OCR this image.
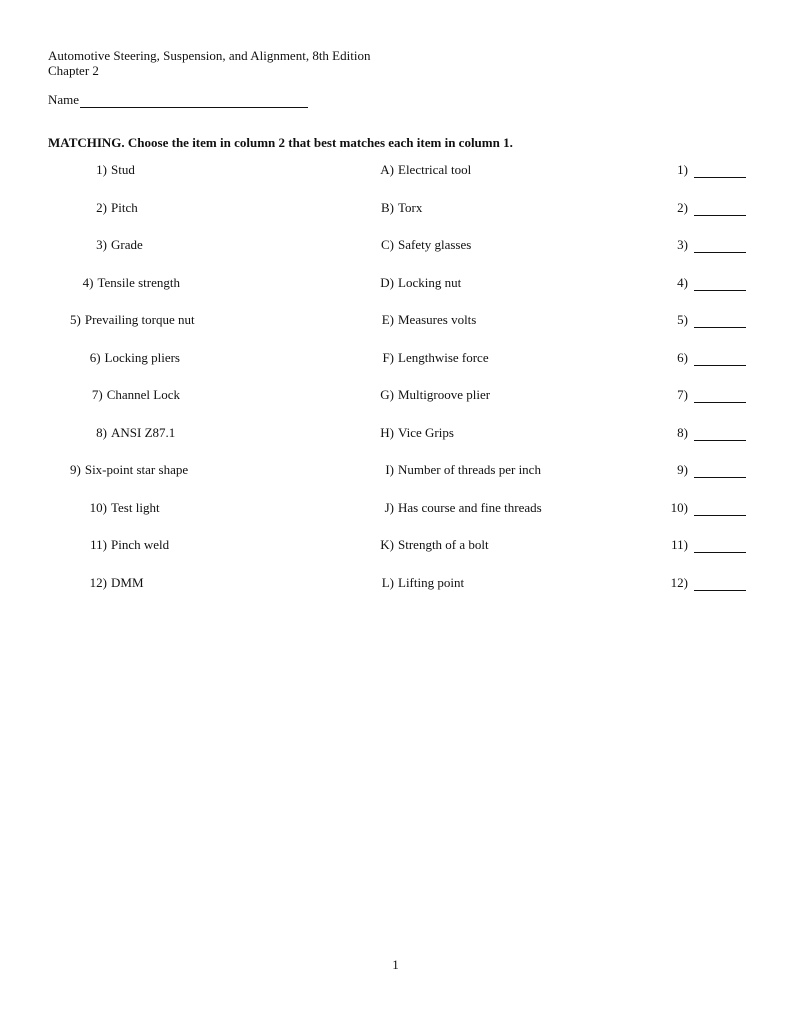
Automotive Steering, Suspension, and Alignment, 8th Edition
Chapter 2
Name
MATCHING. Choose the item in column 2 that best matches each item in column 1.
1) Stud	A) Electrical tool	1)
2) Pitch	B) Torx	2)
3) Grade	C) Safety glasses	3)
4) Tensile strength	D) Locking nut	4)
5) Prevailing torque nut	E) Measures volts	5)
6) Locking pliers	F) Lengthwise force	6)
7) Channel Lock	G) Multigroove plier	7)
8) ANSI Z87.1	H) Vice Grips	8)
9) Six-point star shape	I) Number of threads per inch	9)
10) Test light	J) Has course and fine threads	10)
11) Pinch weld	K) Strength of a bolt	11)
12) DMM	L) Lifting point	12)
1
